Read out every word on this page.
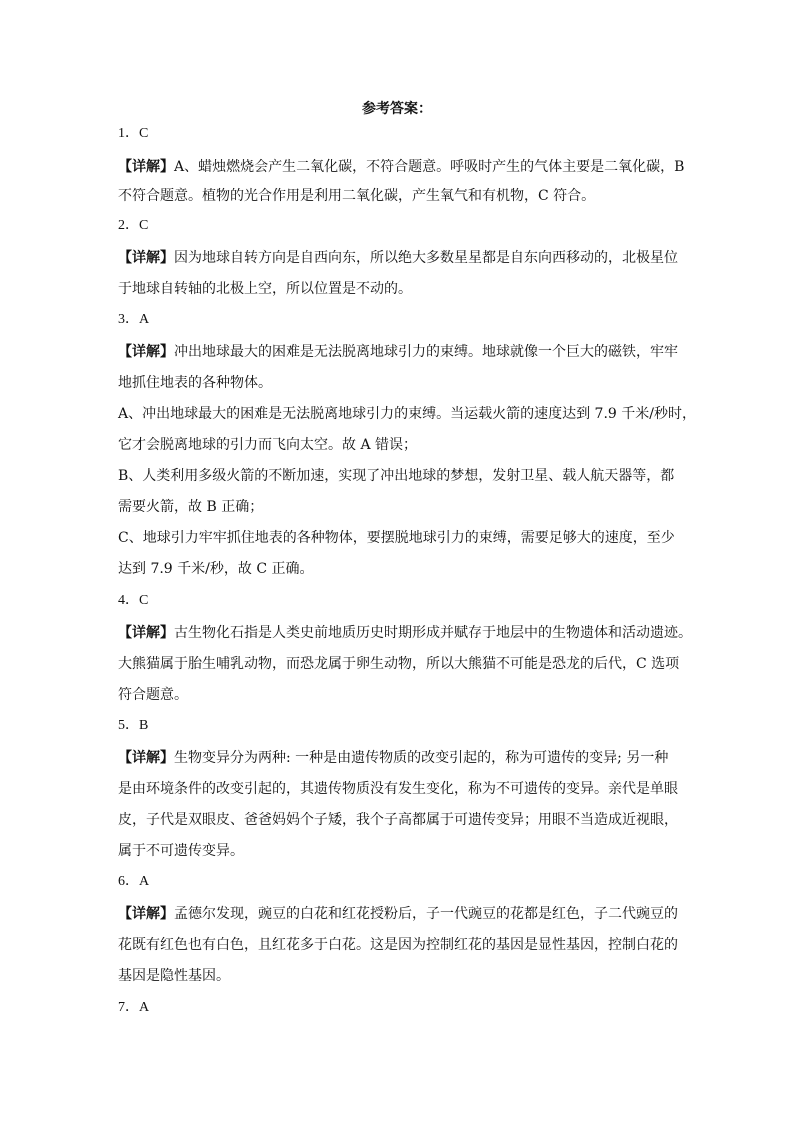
参考答案：
1．C
【详解】A、蜡烛燃烧会产生二氧化碳，不符合题意。呼吸时产生的气体主要是二氧化碳，B
不符合题意。植物的光合作用是利用二氧化碳，产生氧气和有机物，C 符合。
2．C
【详解】因为地球自转方向是自西向东，所以绝大多数星星都是自东向西移动的，北极星位
于地球自转轴的北极上空，所以位置是不动的。
3．A
【详解】冲出地球最大的困难是无法脱离地球引力的束缚。地球就像一个巨大的磁铁，牢牢
地抓住地表的各种物体。
A、冲出地球最大的困难是无法脱离地球引力的束缚。当运载火箭的速度达到 7.9 千米/秒时，
它才会脱离地球的引力而飞向太空。故 A 错误；
B、人类利用多级火箭的不断加速，实现了冲出地球的梦想，发射卫星、载人航天器等，都
需要火箭，故 B 正确；
C、地球引力牢牢抓住地表的各种物体，要摆脱地球引力的束缚，需要足够大的速度，至少
达到 7.9 千米/秒，故 C 正确。
4．C
【详解】古生物化石指是人类史前地质历史时期形成并赋存于地层中的生物遗体和活动遗迹。
大熊猫属于胎生哺乳动物，而恐龙属于卵生动物，所以大熊猫不可能是恐龙的后代，C 选项
符合题意。
5．B
【详解】生物变异分为两种: 一种是由遗传物质的改变引起的，称为可遗传的变异; 另一种
是由环境条件的改变引起的，其遗传物质没有发生变化，称为不可遗传的变异。亲代是单眼
皮，子代是双眼皮、爸爸妈妈个子矮，我个子高都属于可遗传变异；用眼不当造成近视眼，
属于不可遗传变异。
6．A
【详解】孟德尔发现，豌豆的白花和红花授粉后，子一代豌豆的花都是红色，子二代豌豆的
花既有红色也有白色，且红花多于白花。这是因为控制红花的基因是显性基因，控制白花的
基因是隐性基因。
7．A
